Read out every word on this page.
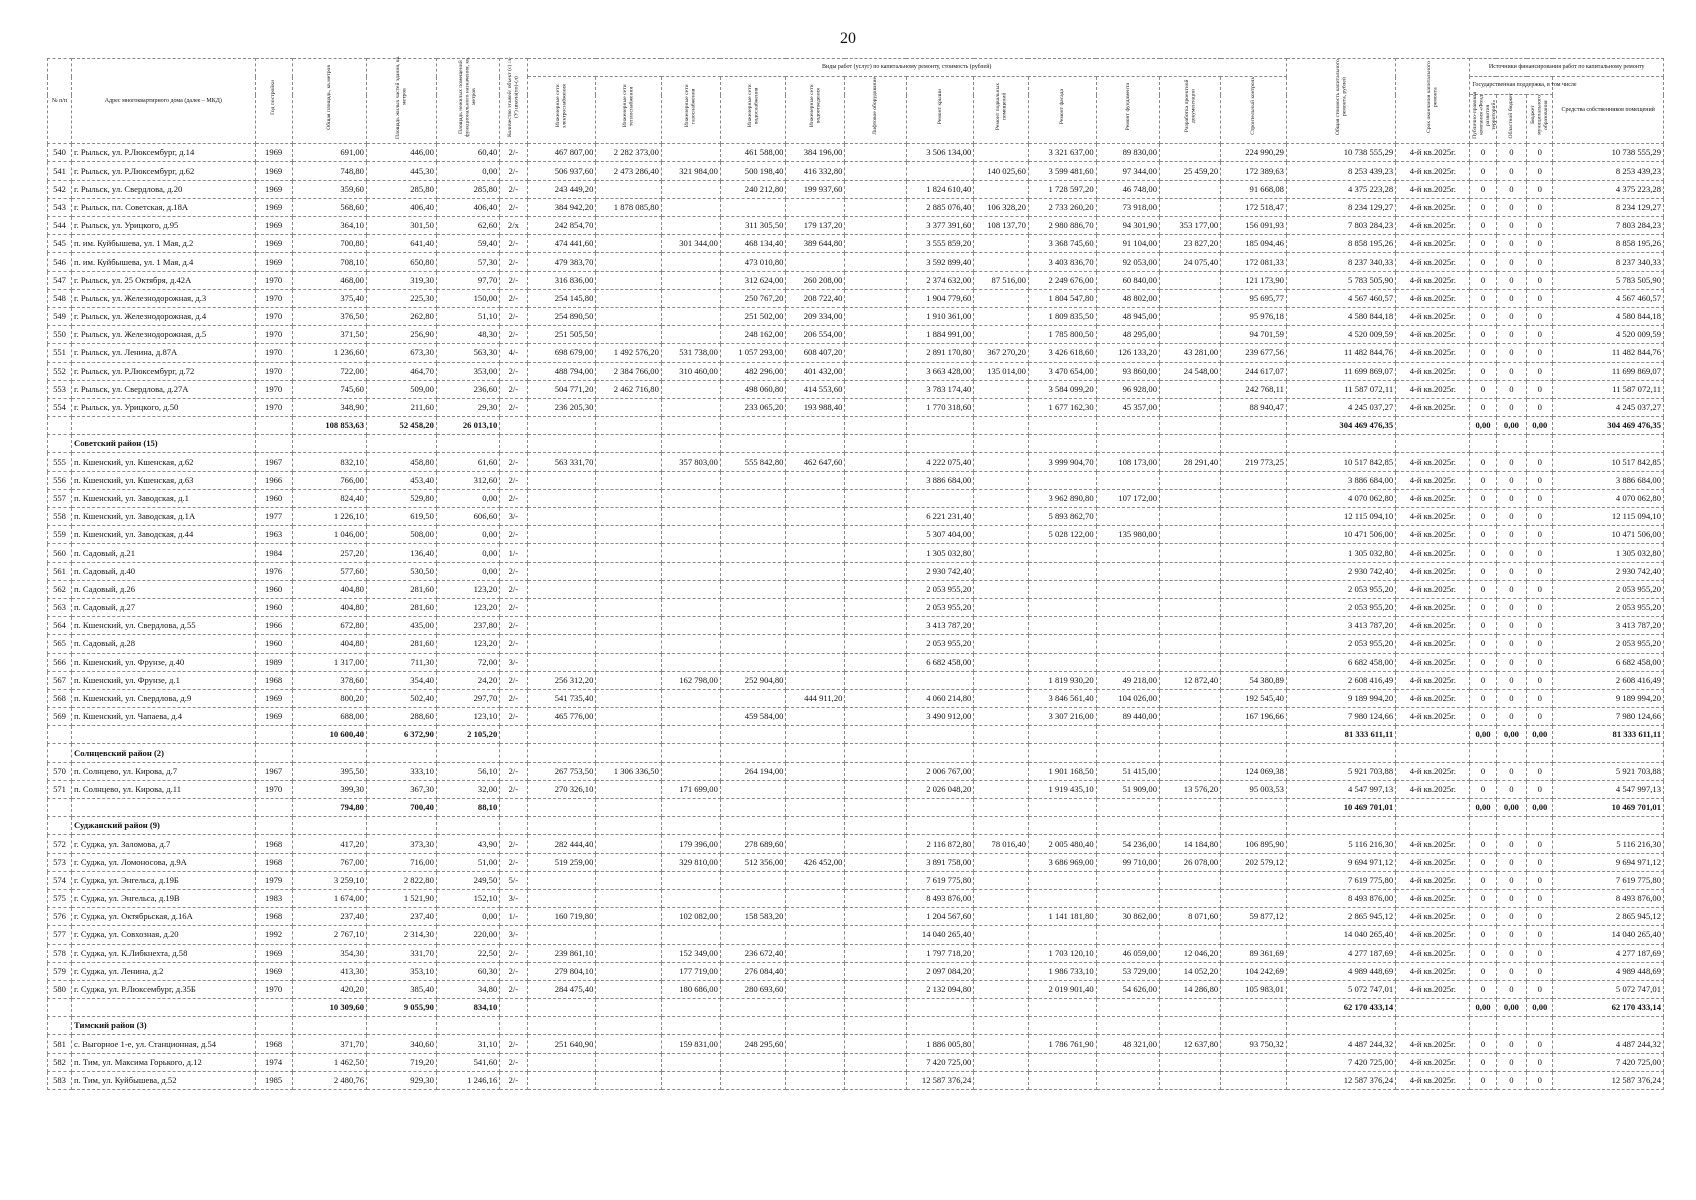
20
№ п/п	Адрес многоквартирного дома (далее – МКД)	Год постройки	Общая площадь, кв.метров	Площадь жилых частей здания, кв. метров	Площадь нежилых помещений функционального назначения, кв. метров	Количество этажей/ объект (с) /л-(У) школа(по)-(л)	Виды работ (услуг) по капитальному ремонту, стоимость (рублей)												Общая стоимость капитального ремонта, рублей	Срок окончания капитального ремонта	Источники финансирования работ по капитальному ремонту			
							Инженерные сети электроснабжения	Инженерные сети теплоснабжения	Инженерные сети газоснабжения	Инженерные сети водоснабжения	Инженерные сети водоотведения	Лифтовое оборудование	Ремонт крыши	Ремонт подвальных помещений	Ремонт фасада	Ремонт фундамента	Разработка проектной документации	Строительный контроль			Государственная поддержка, в том числе			Средства собственников помещений
																					Публично-правовая компания «Фонд развития территорий»	Областной бюджет	Бюджет муниципального образования	
540	г. Рыльск, ул. Р.Люксембург, д.14	1969	691,00	446,00	60,40	2/-	467 807,00	2 282 373,00		461 588,00	384 196,00		3 506 134,00		3 321 637,00	89 830,00		224 990,29	10 738 555,29	4-й кв.2025г.	0	0	0	10 738 555,29
541	г. Рыльск, ул. Р.Люксембург, д.62	1969	748,80	445,30	0,00	2/-	506 937,60	2 473 286,40	321 984,00	500 198,40	416 332,80			140 025,60	3 599 481,60	97 344,00	25 459,20	172 389,63	8 253 439,23	4-й кв.2025г.	0	0	0	8 253 439,23
542	г. Рыльск, ул. Свердлова, д.20	1969	359,60	285,80	285,80	2/-	243 449,20			240 212,80	199 937,60		1 824 610,40		1 728 597,20	46 748,00		91 668,08	4 375 223,28	4-й кв.2025г.	0	0	0	4 375 223,28
543	г. Рыльск, пл. Советская, д.18А	1969	568,60	406,40	406,40	2/-	384 942,20	1 878 085,80					2 885 076,40	106 328,20	2 733 260,20	73 918,00		172 518,47	8 234 129,27	4-й кв.2025г.	0	0	0	8 234 129,27
544	г. Рыльск, ул. Урицкого, д.95	1969	364,10	301,50	62,60	2/х	242 854,70			311 305,50	179 137,20		3 377 391,60	108 137,70	2 980 886,70	94 301,90	353 177,00	156 091,93	7 803 284,23	4-й кв.2025г.	0	0	0	7 803 284,23
545	п. им. Куйбышева, ул. 1 Мая, д.2	1969	700,80	641,40	59,40	2/-	474 441,60		301 344,00	468 134,40	389 644,80		3 555 859,20		3 368 745,60	91 104,00	23 827,20	185 094,46	8 858 195,26	4-й кв.2025г.	0	0	0	8 858 195,26
546	п. им. Куйбышева, ул. 1 Мая, д.4	1969	708,10	650,80	57,30	2/-	479 383,70			473 010,80			3 592 899,40		3 403 836,70	92 053,00	24 075,40	172 081,33	8 237 340,33	4-й кв.2025г.	0	0	0	8 237 340,33
547	г. Рыльск, ул. 25 Октября, д.42А	1970	468,00	319,30	97,70	2/-	316 836,00			312 624,00	260 208,00		2 374 632,00	87 516,00	2 249 676,00	60 840,00		121 173,90	5 783 505,90	4-й кв.2025г.	0	0	0	5 783 505,90
548	г. Рыльск, ул. Железнодорожная, д.3	1970	375,40	225,30	150,00	2/-	254 145,80			250 767,20	208 722,40		1 904 779,60		1 804 547,80	48 802,00		95 695,77	4 567 460,57	4-й кв.2025г.	0	0	0	4 567 460,57
549	г. Рыльск, ул. Железнодорожная, д.4	1970	376,50	262,80	51,10	2/-	254 890,50			251 502,00	209 334,00		1 910 361,00		1 809 835,50	48 945,00		95 976,18	4 580 844,18	4-й кв.2025г.	0	0	0	4 580 844,18
550	г. Рыльск, ул. Железнодорожная, д.5	1970	371,50	256,90	48,30	2/-	251 505,50			248 162,00	206 554,00		1 884 991,00		1 785 800,50	48 295,00		94 701,59	4 520 009,59	4-й кв.2025г.	0	0	0	4 520 009,59
551	г. Рыльск, ул. Ленина, д.87А	1970	1 236,60	673,30	563,30	4/-	698 679,00	1 492 576,20	531 738,00	1 057 293,00	608 407,20		2 891 170,80	367 270,20	3 426 618,60	126 133,20	43 281,00	239 677,56	11 482 844,76	4-й кв.2025г.	0	0	0	11 482 844,76
552	г. Рыльск, ул. Р.Люксембург, д.72	1970	722,00	464,70	353,00	2/-	488 794,00	2 384 766,00	310 460,00	482 296,00	401 432,00		3 663 428,00	135 014,00	3 470 654,00	93 860,00	24 548,00	244 617,07	11 699 869,07	4-й кв.2025г.	0	0	0	11 699 869,07
553	г. Рыльск, ул. Свердлова, д.27А	1970	745,60	509,00	236,60	2/-	504 771,20	2 462 716,80		498 060,80	414 553,60		3 783 174,40		3 584 099,20	96 928,00		242 768,11	11 587 072,11	4-й кв.2025г.	0	0	0	11 587 072,11
554	г. Рыльск, ул. Урицкого, д.50	1970	348,90	211,60	29,30	2/-	236 205,30			233 065,20	193 988,40		1 770 318,60		1 677 162,30	45 357,00		88 940,47	4 245 037,27	4-й кв.2025г.	0	0	0	4 245 037,27
			108 853,63	52 458,20	26 013,10														304 469 476,35		0,00	0,00	0,00	304 469 476,35
	Советский район (15)																							
555	п. Кшенский, ул. Кшенская, д.62	1967	832,10	458,80	61,60	2/-	563 331,70		357 803,00	555 842,80	462 647,60		4 222 075,40		3 999 904,70	108 173,00	28 291,40	219 773,25	10 517 842,85	4-й кв.2025г.	0	0	0	10 517 842,85
556	п. Кшенский, ул. Кшенская, д.63	1966	766,00	453,40	312,60	2/-							3 886 684,00						3 886 684,00	4-й кв.2025г.	0	0	0	3 886 684,00
557	п. Кшенский, ул. Заводская, д.1	1960	824,40	529,80	0,00	2/-									3 962 890,80	107 172,00			4 070 062,80	4-й кв.2025г.	0	0	0	4 070 062,80
558	п. Кшенский, ул. Заводская, д.1А	1977	1 226,10	619,50	606,60	3/-							6 221 231,40		5 893 862,70				12 115 094,10	4-й кв.2025г.	0	0	0	12 115 094,10
559	п. Кшенский, ул. Заводская, д.44	1963	1 046,00	508,00	0,00	2/-							5 307 404,00		5 028 122,00	135 980,00			10 471 506,00	4-й кв.2025г.	0	0	0	10 471 506,00
560	п. Садовый, д.21	1984	257,20	136,40	0,00	1/-							1 305 032,80						1 305 032,80	4-й кв.2025г.	0	0	0	1 305 032,80
561	п. Садовый, д.40	1976	577,60	530,50	0,00	2/-							2 930 742,40						2 930 742,40	4-й кв.2025г.	0	0	0	2 930 742,40
562	п. Садовый, д.26	1960	404,80	281,60	123,20	2/-							2 053 955,20						2 053 955,20	4-й кв.2025г.	0	0	0	2 053 955,20
563	п. Садовый, д.27	1960	404,80	281,60	123,20	2/-							2 053 955,20						2 053 955,20	4-й кв.2025г.	0	0	0	2 053 955,20
564	п. Кшенский, ул. Свердлова, д.55	1966	672,80	435,00	237,80	2/-							3 413 787,20						3 413 787,20	4-й кв.2025г.	0	0	0	3 413 787,20
565	п. Садовый, д.28	1960	404,80	281,60	123,20	2/-							2 053 955,20						2 053 955,20	4-й кв.2025г.	0	0	0	2 053 955,20
566	п. Кшенский, ул. Фрунзе, д.40	1989	1 317,00	711,30	72,00	3/-							6 682 458,00						6 682 458,00	4-й кв.2025г.	0	0	0	6 682 458,00
567	п. Кшенский, ул. Фрунзе, д.1	1968	378,60	354,40	24,20	2/-	256 312,20		162 798,00	252 904,80					1 819 930,20	49 218,00	12 872,40	54 380,89	2 608 416,49	4-й кв.2025г.	0	0	0	2 608 416,49
568	п. Кшенский, ул. Свердлова, д.9	1969	800,20	502,40	297,70	2/-	541 735,40				444 911,20		4 060 214,80		3 846 561,40	104 026,00		192 545,40	9 189 994,20	4-й кв.2025г.	0	0	0	9 189 994,20
569	п. Кшенский, ул. Чапаева, д.4	1969	688,00	288,60	123,10	2/-	465 776,00			459 584,00			3 490 912,00		3 307 216,00	89 440,00		167 196,66	7 980 124,66	4-й кв.2025г.	0	0	0	7 980 124,66
			10 600,40	6 372,90	2 105,20														81 333 611,11		0,00	0,00	0,00	81 333 611,11
	Солнцевский район (2)																							
570	п. Солнцево, ул. Кирова, д.7	1967	395,50	333,10	56,10	2/-	267 753,50	1 306 336,50		264 194,00			2 006 767,00		1 901 168,50	51 415,00		124 069,38	5 921 703,88	4-й кв.2025г.	0	0	0	5 921 703,88
571	п. Солнцево, ул. Кирова, д.11	1970	399,30	367,30	32,00	2/-	270 326,10		171 699,00				2 026 048,20		1 919 435,10	51 909,00	13 576,20	95 003,53	4 547 997,13	4-й кв.2025г.	0	0	0	4 547 997,13
			794,80	700,40	88,10														10 469 701,01		0,00	0,00	0,00	10 469 701,01
	Суджанский район (9)																							
572	г. Суджа, ул. Заломова, д.7	1968	417,20	373,30	43,90	2/-	282 444,40		179 396,00	278 689,60			2 116 872,80	78 016,40	2 005 480,40	54 236,00	14 184,80	106 895,90	5 116 216,30	4-й кв.2025г.	0	0	0	5 116 216,30
573	г. Суджа, ул. Ломоносова, д.9А	1968	767,00	716,00	51,00	2/-	519 259,00		329 810,00	512 356,00	426 452,00		3 891 758,00		3 686 969,00	99 710,00	26 078,00	202 579,12	9 694 971,12	4-й кв.2025г.	0	0	0	9 694 971,12
574	г. Суджа, ул. Энгельса, д.19Б	1979	3 259,10	2 822,80	249,50	5/-							7 619 775,80						7 619 775,80	4-й кв.2025г.	0	0	0	7 619 775,80
575	г. Суджа, ул. Энгельса, д.19В	1983	1 674,00	1 521,90	152,10	3/-							8 493 876,00						8 493 876,00	4-й кв.2025г.	0	0	0	8 493 876,00
576	г. Суджа, ул. Октябрьская, д.16А	1968	237,40	237,40	0,00	1/-	160 719,80		102 082,00	158 583,20			1 204 567,60		1 141 181,80	30 862,00	8 071,60	59 877,12	2 865 945,12	4-й кв.2025г.	0	0	0	2 865 945,12
577	г. Суджа, ул. Совхозная, д.20	1992	2 767,10	2 314,30	220,00	3/-							14 040 265,40						14 040 265,40	4-й кв.2025г.	0	0	0	14 040 265,40
578	г. Суджа, ул. К.Либкнехта, д.58	1969	354,30	331,70	22,50	2/-	239 861,10		152 349,00	236 672,40			1 797 718,20		1 703 120,10	46 059,00	12 046,20	89 361,69	4 277 187,69	4-й кв.2025г.	0	0	0	4 277 187,69
579	г. Суджа, ул. Ленина, д.2	1969	413,30	353,10	60,30	2/-	279 804,10		177 719,00	276 084,40			2 097 084,20		1 986 733,10	53 729,00	14 052,20	104 242,69	4 989 448,69	4-й кв.2025г.	0	0	0	4 989 448,69
580	г. Суджа, ул. Р.Люксембург, д.35Б	1970	420,20	385,40	34,80	2/-	284 475,40		180 686,00	280 693,60			2 132 094,80		2 019 901,40	54 626,00	14 286,80	105 983,01	5 072 747,01	4-й кв.2025г.	0	0	0	5 072 747,01
			10 309,60	9 055,90	834,10														62 170 433,14		0,00	0,00	0,00	62 170 433,14
	Тимский район (3)																							
581	с. Выгорное 1-е, ул. Станционная, д.54	1968	371,70	340,60	31,10	2/-	251 640,90		159 831,00	248 295,60			1 886 005,80		1 786 761,90	48 321,00	12 637,80	93 750,32	4 487 244,32	4-й кв.2025г.	0	0	0	4 487 244,32
582	п. Тим, ул. Максима Горького, д.12	1974	1 462,50	719,20	541,60	2/-							7 420 725,00						7 420 725,00	4-й кв.2025г.	0	0	0	7 420 725,00
583	п. Тим, ул. Куйбышева, д.52	1985	2 480,76	929,30	1 246,16	2/-							12 587 376,24						12 587 376,24	4-й кв.2025г.	0	0	0	12 587 376,24
